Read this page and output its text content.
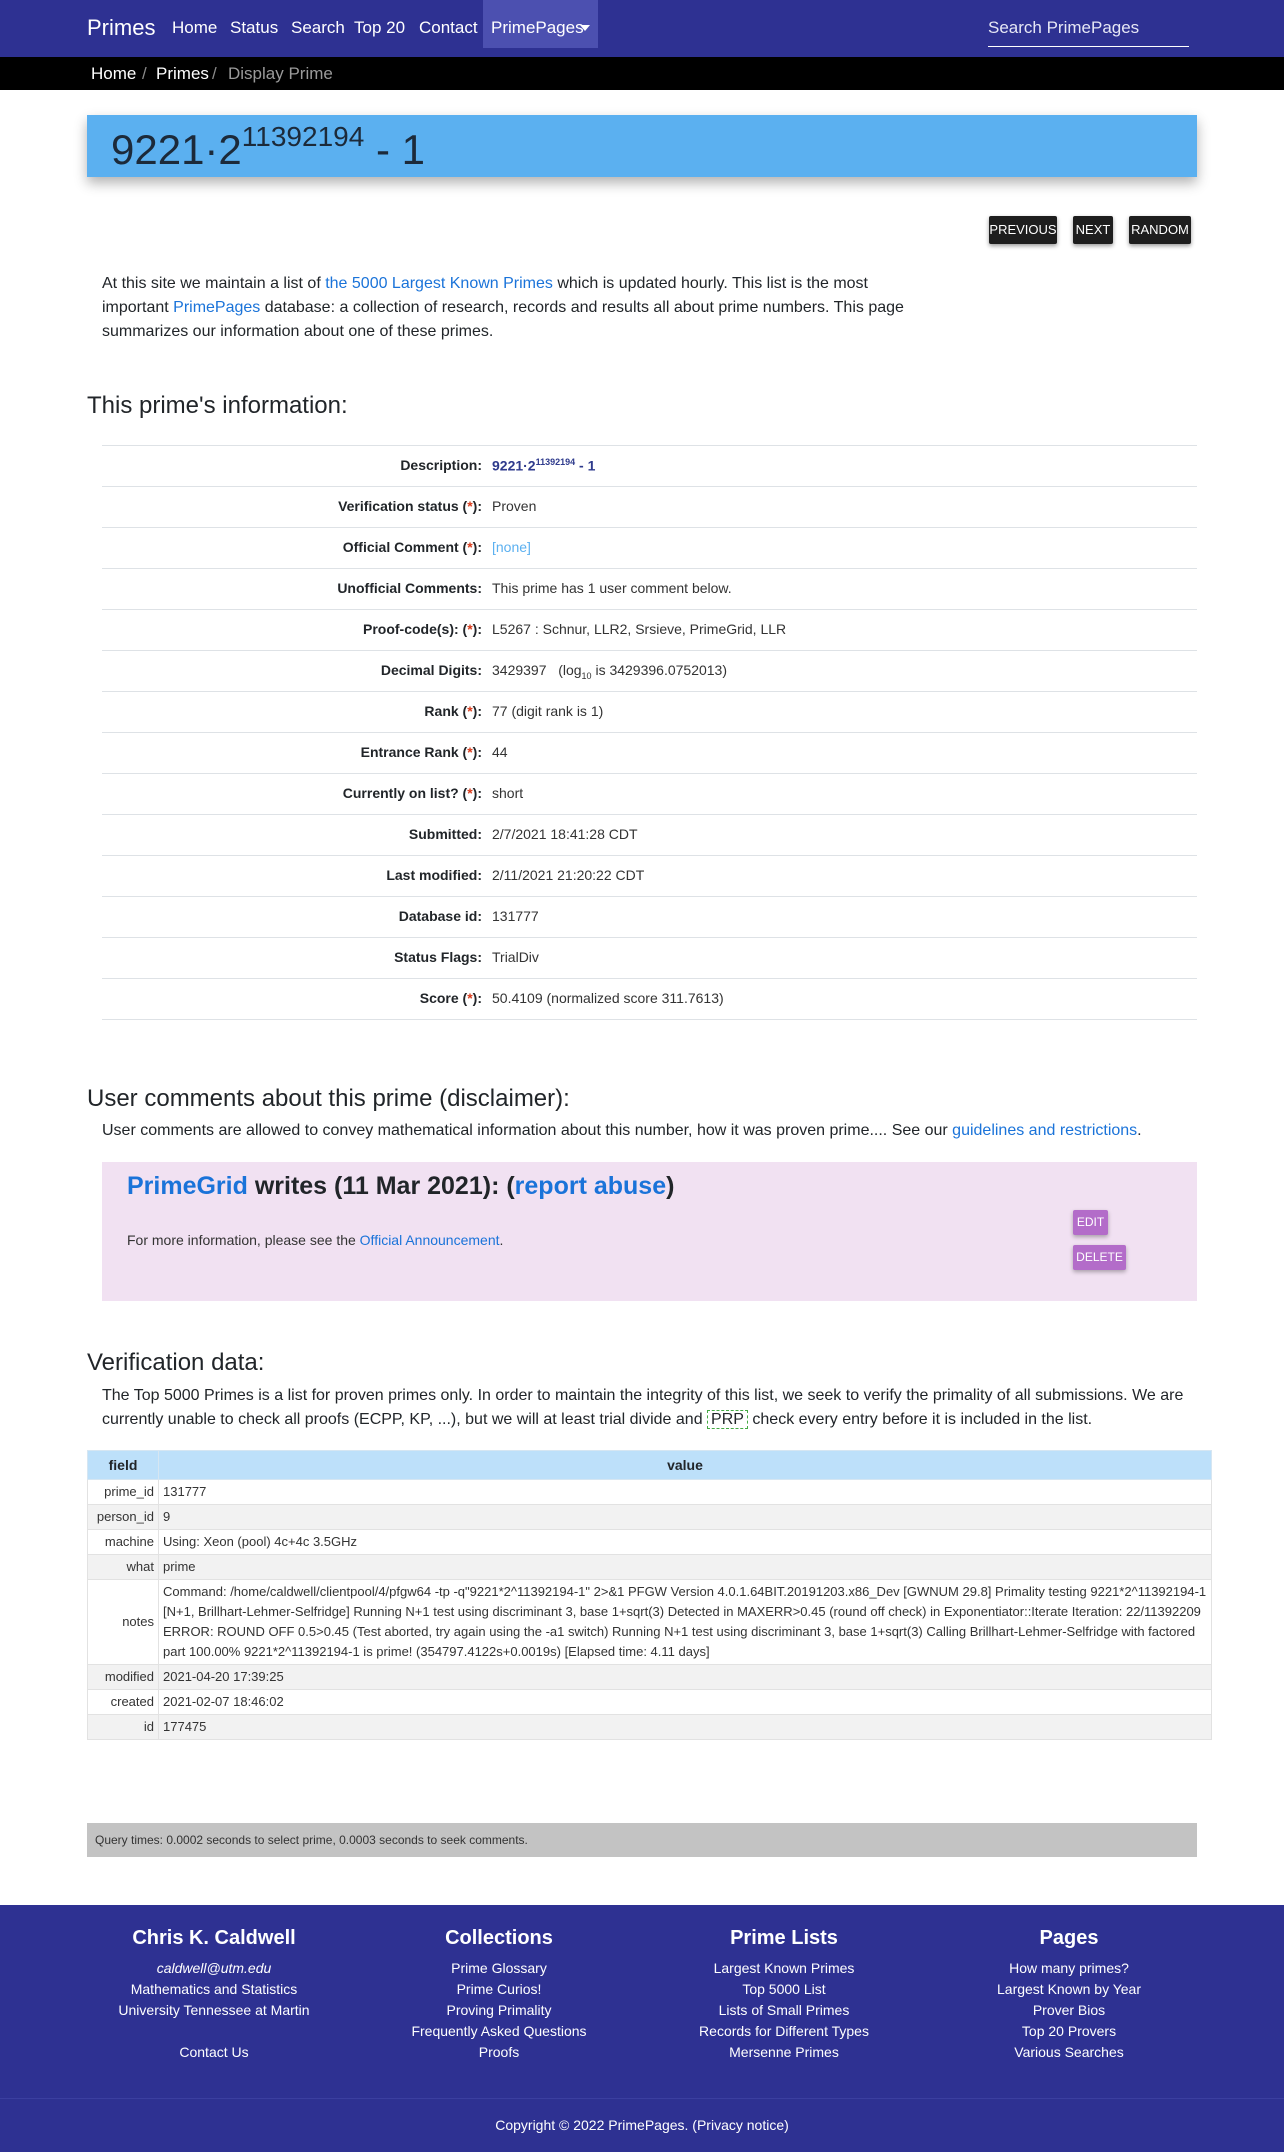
Primes Home Status Search Top 20 Contact PrimePages
Search PrimePages
Home / Primes / Display Prime
$9221\cdot 2^{11392194} - 1$
PREVIOUS NEXT RANDOM
At this site we maintain a list of the 5000 Largest Known Primes which is updated hourly. This list is the most important PrimePages database: a collection of research, records and results all about prime numbers. This page summarizes our information about one of these primes.
This prime's information:
Description: $9221\cdot 2^{11392194} - 1$
Verification status (*): Proven
Official Comment (*): [none]
Unofficial Comments: This prime has 1 user comment below.
Proof-code(s): (*): L5267 : Schnur, LLR2, Srsieve, PrimeGrid, LLR
Decimal Digits: 3429397 ($\log_{10}$ is 3429396.0752013)
Rank (*): 77 (digit rank is 1)
Entrance Rank (*): 44
Currently on list? (*): short
Submitted: 2/7/2021 18:41:28 CDT
Last modified: 2/11/2021 21:20:22 CDT
Database id: 131777
Status Flags: TrialDiv
Score (*): 50.4109 (normalized score 311.7613)
User comments about this prime (disclaimer):
User comments are allowed to convey mathematical information about this number, how it was proven prime.... See our guidelines and restrictions.
PrimeGrid writes (11 Mar 2021): (report abuse)
For more information, please see the Official Announcement.
EDIT
DELETE
Verification data:
The Top 5000 Primes is a list for proven primes only. In order to maintain the integrity of this list, we seek to verify the primality of all submissions. We are currently unable to check all proofs (ECPP, KP, ...), but we will at least trial divide and PRP check every entry before it is included in the list.
field	value
prime_id	131777
person_id	9
machine	Using: Xeon (pool) 4c+4c 3.5GHz
what	prime
notes	Command: /home/caldwell/clientpool/4/pfgw64 -tp -q"9221*2^11392194-1" 2>&1 PFGW Version 4.0.1.64BIT.20191203.x86_Dev [GWNUM 29.8] Primality testing 9221*2^11392194-1 [N+1, Brillhart-Lehmer-Selfridge] Running N+1 test using discriminant 3, base 1+sqrt(3) Detected in MAXERR>0.45 (round off check) in Exponentiator::Iterate Iteration: 22/11392209 ERROR: ROUND OFF 0.5>0.45 (Test aborted, try again using the -a1 switch) Running N+1 test using discriminant 3, base 1+sqrt(3) Calling Brillhart-Lehmer-Selfridge with factored part 100.00% 9221*2^11392194-1 is prime! (354797.4122s+0.0019s) [Elapsed time: 4.11 days]
modified	2021-04-20 17:39:25
created	2021-02-07 18:46:02
id	177475
Query times: 0.0002 seconds to select prime, 0.0003 seconds to seek comments.
Chris K. Caldwell
caldwell@utm.edu
Mathematics and Statistics
University Tennessee at Martin

Contact Us
Collections
Prime Glossary
Prime Curios!
Proving Primality
Frequently Asked Questions
Proofs
Prime Lists
Largest Known Primes
Top 5000 List
Lists of Small Primes
Records for Different Types
Mersenne Primes
Pages
How many primes?
Largest Known by Year
Prover Bios
Top 20 Provers
Various Searches
Copyright © 2022 PrimePages. (Privacy notice)
